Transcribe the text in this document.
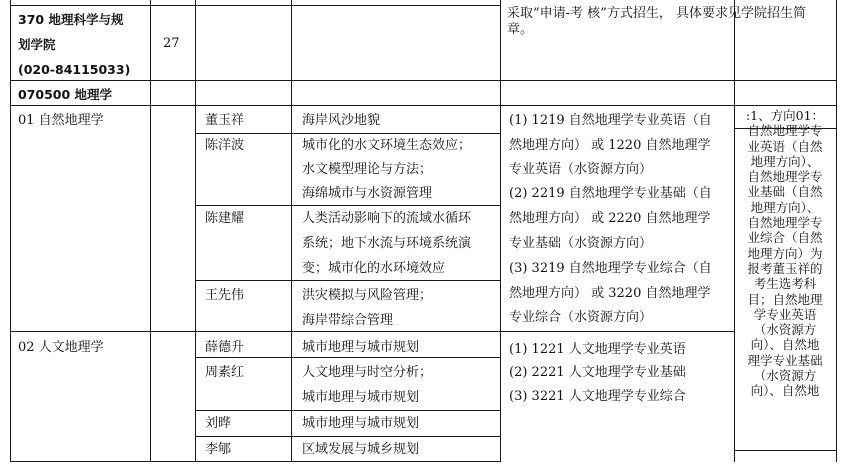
370 地理科学与规
划学院
(020-84115033)
27
采取“申请-考 核”方式招生， 具体要求见学院招生简
章。
070500 地理学
01 自然地理学	董玉祥
陈洋波
陈建耀
王先伟
海岸风沙地貌
城市化的水文环境生态效应；
水文模型理论与方法；
海绵城市与水资源管理
人类活动影响下的流域水循环
系统；地下水流与环境系统演
变；城市化的水环境效应
洪灾模拟与风险管理；
海岸带综合管理
(1) 1219 自然地理学专业英语（自
然地理方向） 或 1220 自然地理学
专业英语（水资源方向）
(2) 2219 自然地理学专业基础（自
然地理方向） 或 2220 自然地理学
专业基础（水资源方向）
(3) 3219 自然地理学专业综合（自
然地理方向） 或 3220 自然地理学
专业综合（水资源方向）
02 人文地理学	薛德升
周素红
刘晔
李郇
城市地理与城市规划
人文地理与时空分析；
城市地理与城市规划
城市地理与城市规划
区域发展与城乡规划
(1) 1221 人文地理学专业英语
(2) 2221 人文地理学专业基础
(3) 3221 人文地理学专业综合
:1、方向01：
自然地理学专
业英语（自然
地理方向）、
自然地理学专
业基础（自然
地理方向）、
自然地理学专
业综合（自然
地理方向）为
报考董玉祥的
考生选考科
目；自然地理
学专业英语
（水资源方
向）、自然地
理学专业基础
（水资源方
向）、自然地
